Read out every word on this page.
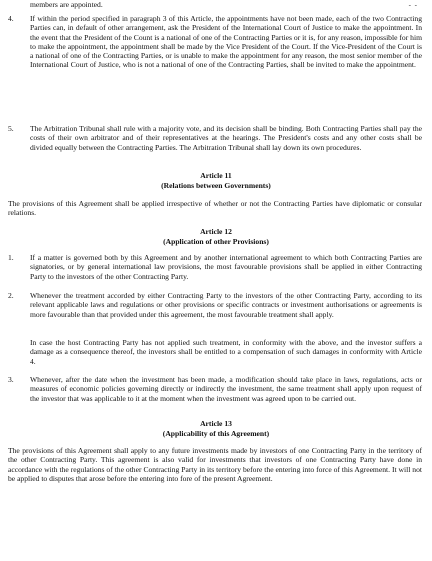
- -

members are appointed.

4.	If within the period specified in paragraph 3 of this Article, the appointments have not been made, each of the two Contracting Parties can, in default of other arrangement, ask the President of the International Court of Justice to make the appointment. In the event that the President of the Count is a national of one of the Contracting Parties or it is, for any reason, impossible for him to make the appointment, the appointment shall be made by the Vice President of the Court. If the Vice-President of the Court is a national of one of the Contracting Parties, or is unable to make the appointment for any reason, the most senior member of the International Court of Justice, who is not a national of one of the Contracting Parties, shall be invited to make the appointment.

5.	The Arbitration Tribunal shall rule with a majority vote, and its decision shall be binding. Both Contracting Parties shall pay the costs of their own arbitrator and of their representatives at the hearings. The President's costs and any other costs shall be divided equally between the Contracting Parties. The Arbitration Tribunal shall lay down its own procedures.

Article 11

(Relations between Governments)

The provisions of this Agreement shall be applied irrespective of whether or not the Contracting Parties have diplomatic or consular relations.

Article 12

(Application of other Provisions)

1.	If a matter is governed both by this Agreement and by another international agreement to which both Contracting Parties are signatories, or by general international law provisions, the most favourable provisions shall be applied in either Contracting Party to the investors of the other Contracting Party.

2.	Whenever the treatment accorded by either Contracting Party to the investors of the other Contracting Party, according to its relevant applicable laws and regulations or other provisions or specific contracts or investment authorisations or agreements is more favourable than that provided under this agreement, the most favourable treatment shall apply.

In case the host Contracting Party has not applied such treatment, in conformity with the above, and the investor suffers a damage as a consequence thereof, the investors shall be entitled to a compensation of such damages in conformity with Article 4.

3.	Whenever, after the date when the investment has been made, a modification should take place in laws, regulations, acts or measures of economic policies governing directly or indirectly the investment, the same treatment shall apply upon request of the investor that was applicable to it at the moment when the investment was agreed upon to be carried out.

Article 13

(Applicability of this Agreement)

The provisions of this Agreement shall apply to any future investments made by investors of one Contracting Party in the territory of the other Contracting Party. This agreement is also valid for investments that investors of one Contracting Party have done in accordance with the regulations of the other Contracting Party in its territory before the entering into force of this Agreement. It will not be applied to disputes that arose before the entering into fore of the present Agreement.
